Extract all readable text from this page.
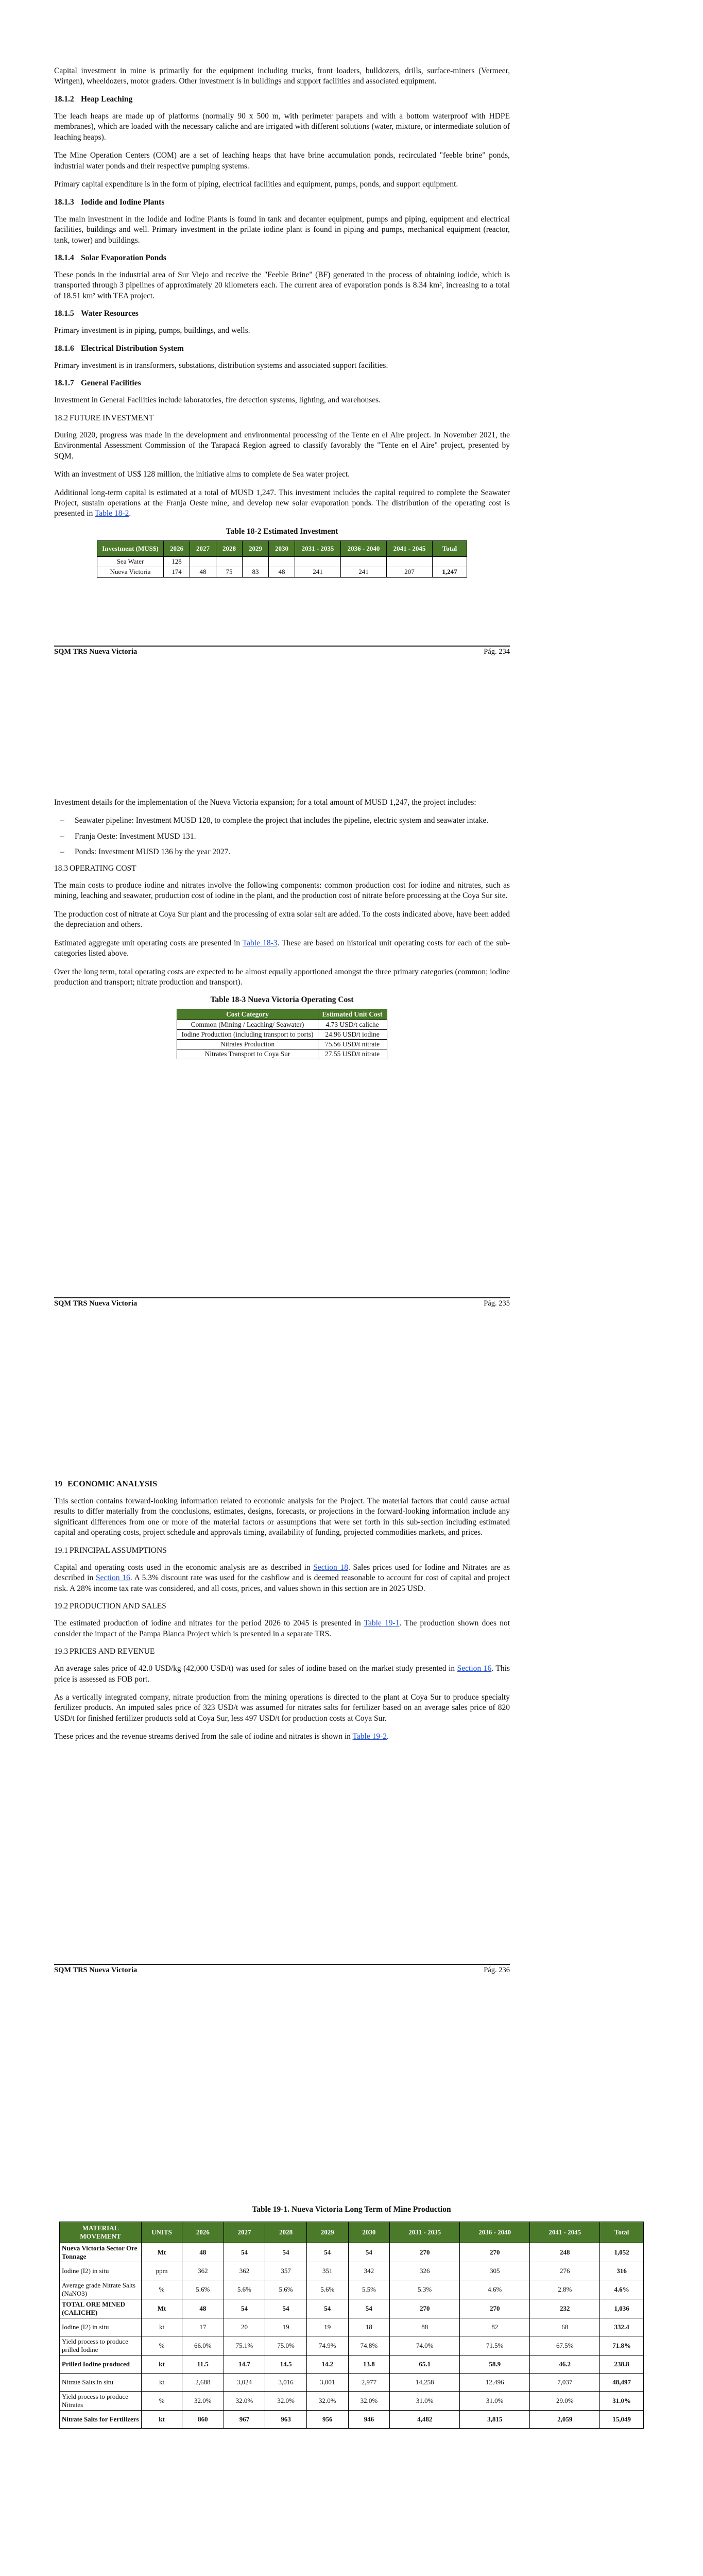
Capital investment in mine is primarily for the equipment including trucks, front loaders, bulldozers, drills, surface-miners (Vermeer, Wirtgen), wheeldozers, motor graders. Other investment is in buildings and support facilities and associated equipment.

18.1.2 Heap Leaching

The leach heaps are made up of platforms (normally 90 x 500 m, with perimeter parapets and with a bottom waterproof with HDPE membranes), which are loaded with the necessary caliche and are irrigated with different solutions (water, mixture, or intermediate solution of leaching heaps).

The Mine Operation Centers (COM) are a set of leaching heaps that have brine accumulation ponds, recirculated "feeble brine" ponds, industrial water ponds and their respective pumping systems.

Primary capital expenditure is in the form of piping, electrical facilities and equipment, pumps, ponds, and support equipment.

18.1.3 Iodide and Iodine Plants

The main investment in the Iodide and Iodine Plants is found in tank and decanter equipment, pumps and piping, equipment and electrical facilities, buildings and well. Primary investment in the prilate iodine plant is found in piping and pumps, mechanical equipment (reactor, tank, tower) and buildings.

18.1.4 Solar Evaporation Ponds

These ponds in the industrial area of Sur Viejo and receive the "Feeble Brine" (BF) generated in the process of obtaining iodide, which is transported through 3 pipelines of approximately 20 kilometers each. The current area of evaporation ponds is 8.34 km², increasing to a total of 18.51 km² with TEA project.

18.1.5 Water Resources

Primary investment is in piping, pumps, buildings, and wells.

18.1.6 Electrical Distribution System

Primary investment is in transformers, substations, distribution systems and associated support facilities.

18.1.7 General Facilities

Investment in General Facilities include laboratories, fire detection systems, lighting, and warehouses.

18.2 FUTURE INVESTMENT

During 2020, progress was made in the development and environmental processing of the Tente en el Aire project. In November 2021, the Environmental Assessment Commission of the Tarapacá Region agreed to classify favorably the "Tente en el Aire" project, presented by SQM.

With an investment of US$ 128 million, the initiative aims to complete de Sea water project.

Additional long-term capital is estimated at a total of MUSD 1,247. This investment includes the capital required to complete the Seawater Project, sustain operations at the Franja Oeste mine, and develop new solar evaporation ponds. The distribution of the operating cost is presented in Table 18-2.

Table 18-2 Estimated Investment
Investment (MUS$)	2026	2027	2028	2029	2030	2031 - 2035	2036 - 2040	2041 - 2045	Total
Sea Water	128								
Nueva Victoria	174	48	75	83	48	241	241	207	1,247
SQM TRS Nueva Victoria	Pág. 234

Investment details for the implementation of the Nueva Victoria expansion; for a total amount of MUSD 1,247, the project includes:

– Seawater pipeline: Investment MUSD 128, to complete the project that includes the pipeline, electric system and seawater intake.
– Franja Oeste: Investment MUSD 131.
– Ponds: Investment MUSD 136 by the year 2027.
18.3 OPERATING COST

The main costs to produce iodine and nitrates involve the following components: common production cost for iodine and nitrates, such as mining, leaching and seawater, production cost of iodine in the plant, and the production cost of nitrate before processing at the Coya Sur site.

The production cost of nitrate at Coya Sur plant and the processing of extra solar salt are added. To the costs indicated above, have been added the depreciation and others.

Estimated aggregate unit operating costs are presented in Table 18-3. These are based on historical unit operating costs for each of the sub-categories listed above.

Over the long term, total operating costs are expected to be almost equally apportioned amongst the three primary categories (common; iodine production and transport; nitrate production and transport).

Table 18-3 Nueva Victoria Operating Cost
Cost Category	Estimated Unit Cost
Common (Mining / Leaching/ Seawater)	4.73 USD/t caliche
Iodine Production (including transport to ports)	24.96 USD/t iodine
Nitrates Production	75.56 USD/t nitrate
Nitrates Transport to Coya Sur	27.55 USD/t nitrate
SQM TRS Nueva Victoria	Pág. 235
19 ECONOMIC ANALYSIS

This section contains forward-looking information related to economic analysis for the Project. The material factors that could cause actual results to differ materially from the conclusions, estimates, designs, forecasts, or projections in the forward-looking information include any significant differences from one or more of the material factors or assumptions that were set forth in this sub-section including estimated capital and operating costs, project schedule and approvals timing, availability of funding, projected commodities markets, and prices.

19.1 PRINCIPAL ASSUMPTIONS

Capital and operating costs used in the economic analysis are as described in Section 18. Sales prices used for Iodine and Nitrates are as described in Section 16. A 5.3% discount rate was used for the cashflow and is deemed reasonable to account for cost of capital and project risk. A 28% income tax rate was considered, and all costs, prices, and values shown in this section are in 2025 USD.

19.2 PRODUCTION AND SALES

The estimated production of iodine and nitrates for the period 2026 to 2045 is presented in Table 19-1. The production shown does not consider the impact of the Pampa Blanca Project which is presented in a separate TRS.

19.3 PRICES AND REVENUE

An average sales price of 42.0 USD/kg (42,000 USD/t) was used for sales of iodine based on the market study presented in Section 16. This price is assessed as FOB port.

As a vertically integrated company, nitrate production from the mining operations is directed to the plant at Coya Sur to produce specialty fertilizer products. An imputed sales price of 323 USD/t was assumed for nitrates salts for fertilizer based on an average sales price of 820 USD/t for finished fertilizer products sold at Coya Sur, less 497 USD/t for production costs at Coya Sur.

These prices and the revenue streams derived from the sale of iodine and nitrates is shown in Table 19-2.

SQM TRS Nueva Victoria	Pág. 236
Table 19-1. Nueva Victoria Long Term of Mine Production
MATERIAL MOVEMENT	UNITS	2026	2027	2028	2029	2030	2031 - 2035	2036 - 2040	2041 - 2045	Total
Nueva Victoria Sector Ore Tonnage	Mt	48	54	54	54	54	270	270	248	1,052
Iodine (I2) in situ	ppm	362	362	357	351	342	326	305	276	316
Average grade Nitrate Salts (NaNO3)	%	5.6%	5.6%	5.6%	5.6%	5.5%	5.3%	4.6%	2.8%	4.6%
TOTAL ORE MINED (CALICHE)	Mt	48	54	54	54	54	270	270	232	1,036
Iodine (I2) in situ	kt	17	20	19	19	18	88	82	68	332.4
Yield process to produce prilled Iodine	%	66.0%	75.1%	75.0%	74.9%	74.8%	74.0%	71.5%	67.5%	71.8%
Prilled Iodine produced	kt	11.5	14.7	14.5	14.2	13.8	65.1	58.9	46.2	238.8
Nitrate Salts in situ	kt	2,688	3,024	3,016	3,001	2,977	14,258	12,496	7,037	48,497
Yield process to produce Nitrates	%	32.0%	32.0%	32.0%	32.0%	32.0%	31.0%	31.0%	29.0%	31.0%
Nitrate Salts for Fertilizers	kt	860	967	963	956	946	4,482	3,815	2,059	15,049
